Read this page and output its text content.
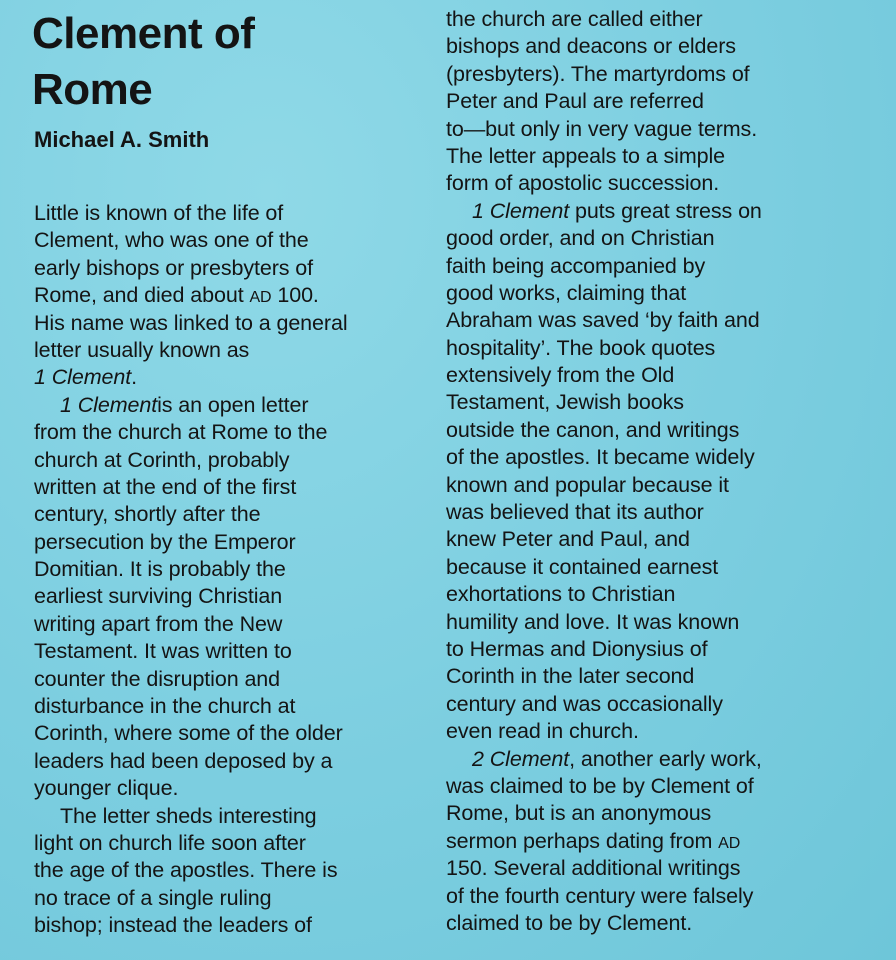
Clement of
Rome

Michael A. Smith

Little is known of the life of
Clement, who was one of the
early bishops or presbyters of
Rome, and died about AD 100.
His name was linked to a general
letter usually known as
1 Clement.
1 Clementis an open letter
from the church at Rome to the
church at Corinth, probably
written at the end of the first
century, shortly after the
persecution by the Emperor
Domitian. It is probably the
earliest surviving Christian
writing apart from the New
Testament. It was written to
counter the disruption and
disturbance in the church at
Corinth, where some of the older
leaders had been deposed by a
younger clique.
The letter sheds interesting
light on church life soon after
the age of the apostles. There is
no trace of a single ruling
bishop; instead the leaders of
the church are called either
bishops and deacons or elders
(presbyters). The martyrdoms of
Peter and Paul are referred
to—but only in very vague terms.
The letter appeals to a simple
form of apostolic succession.
1 Clement puts great stress on
good order, and on Christian
faith being accompanied by
good works, claiming that
Abraham was saved ‘by faith and
hospitality’. The book quotes
extensively from the Old
Testament, Jewish books
outside the canon, and writings
of the apostles. It became widely
known and popular because it
was believed that its author
knew Peter and Paul, and
because it contained earnest
exhortations to Christian
humility and love. It was known
to Hermas and Dionysius of
Corinth in the later second
century and was occasionally
even read in church.
2 Clement, another early work,
was claimed to be by Clement of
Rome, but is an anonymous
sermon perhaps dating from AD
150. Several additional writings
of the fourth century were falsely
claimed to be by Clement.
